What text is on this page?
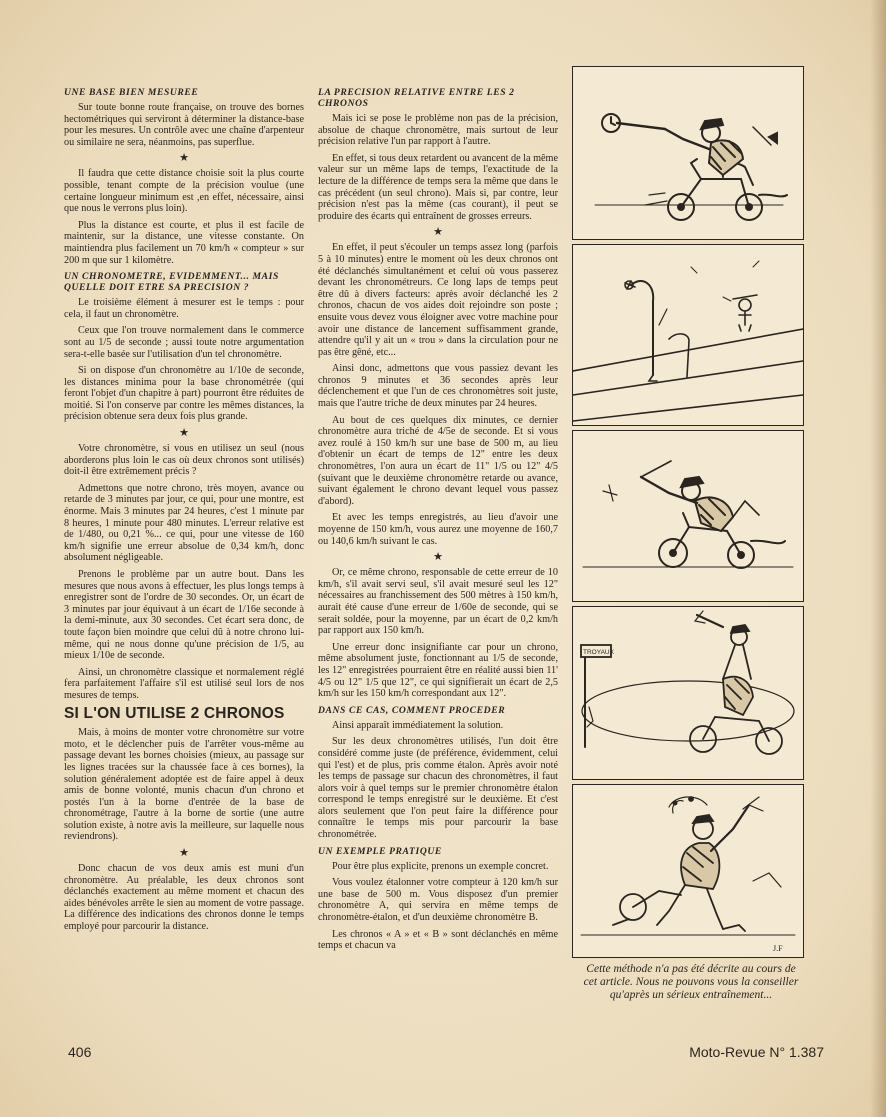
UNE BASE BIEN MESUREE

Sur toute bonne route française, on trouve des bornes hectométriques qui serviront à déterminer la distance-base pour les mesures. Un contrôle avec une chaîne d'arpenteur ou similaire ne sera, néanmoins, pas superflue.

★

Il faudra que cette distance choisie soit la plus courte possible, tenant compte de la précision voulue (une certaine longueur minimum est ,en effet, nécessaire, ainsi que nous le verrons plus loin).

Plus la distance est courte, et plus il est facile de maintenir, sur la distance, une vitesse constante. On maintiendra plus facilement un 70 km/h « compteur » sur 200 m que sur 1 kilomètre.

UN CHRONOMETRE, EVIDEMMENT... MAIS QUELLE DOIT ETRE SA PRECISION ?

Le troisième élément à mesurer est le temps : pour cela, il faut un chronomètre.

Ceux que l'on trouve normalement dans le commerce sont au 1/5 de seconde ; aussi toute notre argumentation sera-t-elle basée sur l'utilisation d'un tel chronomètre.

Si on dispose d'un chronomètre au 1/10e de seconde, les distances minima pour la base chronométrée (qui feront l'objet d'un chapitre à part) pourront être réduites de moitié. Si l'on conserve par contre les mêmes distances, la précision obtenue sera deux fois plus grande.

★

Votre chronomètre, si vous en utilisez un seul (nous aborderons plus loin le cas où deux chronos sont utilisés) doit-il être extrêmement précis ?

Admettons que notre chrono, très moyen, avance ou retarde de 3 minutes par jour, ce qui, pour une montre, est énorme. Mais 3 minutes par 24 heures, c'est 1 minute par 8 heures, 1 minute pour 480 minutes. L'erreur relative est de 1/480, ou 0,21 %... ce qui, pour une vitesse de 160 km/h signifie une erreur absolue de 0,34 km/h, donc absolument négligeable.

Prenons le problème par un autre bout. Dans les mesures que nous avons à effectuer, les plus longs temps à enregistrer sont de l'ordre de 30 secondes. Or, un écart de 3 minutes par jour équivaut à un écart de 1/16e seconde à la demi-minute, aux 30 secondes. Cet écart sera donc, de toute façon bien moindre que celui dû à notre chrono lui-même, qui ne nous donne qu'une précision de 1/5, au mieux 1/10e de seconde.

Ainsi, un chronomètre classique et normalement réglé fera parfaitement l'affaire s'il est utilisé seul lors de nos mesures de temps.

SI L'ON UTILISE 2 CHRONOS

Mais, à moins de monter votre chronomètre sur votre moto, et le déclencher puis de l'arrêter vous-même au passage devant les bornes choisies (mieux, au passage sur les lignes tracées sur la chaussée face à ces bornes), la solution généralement adoptée est de faire appel à deux amis de bonne volonté, munis chacun d'un chrono et postés l'un à la borne d'entrée de la base de chronométrage, l'autre à la borne de sortie (une autre solution existe, à notre avis la meilleure, sur laquelle nous reviendrons).

★

Donc chacun de vos deux amis est muni d'un chronomètre. Au préalable, les deux chronos sont déclanchés exactement au même moment et chacun des aides bénévoles arrête le sien au moment de votre passage. La différence des indications des chronos donne le temps employé pour parcourir la distance.

LA PRECISION RELATIVE ENTRE LES 2 CHRONOS

Mais ici se pose le problème non pas de la précision, absolue de chaque chronomètre, mais surtout de leur précision relative l'un par rapport à l'autre.

En effet, si tous deux retardent ou avancent de la même valeur sur un même laps de temps, l'exactitude de la lecture de la différence de temps sera la même que dans le cas précédent (un seul chrono). Mais si, par contre, leur précision n'est pas la même (cas courant), il peut se produire des écarts qui entraînent de grosses erreurs.

★

En effet, il peut s'écouler un temps assez long (parfois 5 à 10 minutes) entre le moment où les deux chronos ont été déclanchés simultanément et celui où vous passerez devant les chronométreurs. Ce long laps de temps peut être dû à divers facteurs: après avoir déclanché les 2 chronos, chacun de vos aides doit rejoindre son poste ; ensuite vous devez vous éloigner avec votre machine pour avoir une distance de lancement suffisamment grande, attendre qu'il y ait un « trou » dans la circulation pour ne pas être gêné, etc...

Ainsi donc, admettons que vous passiez devant les chronos 9 minutes et 36 secondes après leur déclenchement et que l'un de ces chronomètres soit juste, mais que l'autre triche de deux minutes par 24 heures.

Au bout de ces quelques dix minutes, ce dernier chronomètre aura triché de 4/5e de seconde. Et si vous avez roulé à 150 km/h sur une base de 500 m, au lieu d'obtenir un écart de temps de 12" entre les deux chronomètres, l'on aura un écart de 11" 1/5 ou 12" 4/5 (suivant que le deuxième chronomètre retarde ou avance, suivant également le chrono devant lequel vous passez d'abord).

Et avec les temps enregistrés, au lieu d'avoir une moyenne de 150 km/h, vous aurez une moyenne de 160,7 ou 140,6 km/h suivant le cas.

★

Or, ce même chrono, responsable de cette erreur de 10 km/h, s'il avait servi seul, s'il avait mesuré seul les 12" nécessaires au franchissement des 500 mètres à 150 km/h, aurait été cause d'une erreur de 1/60e de seconde, qui se serait soldée, pour la moyenne, par un écart de 0,2 km/h par rapport aux 150 km/h.

Une erreur donc insignifiante car pour un chrono, même absolument juste, fonctionnant au 1/5 de seconde, les 12" enregistrées pourraient être en réalité aussi bien 11' 4/5 ou 12" 1/5 que 12", ce qui signifierait un écart de 2,5 km/h sur les 150 km/h correspondant aux 12".

DANS CE CAS, COMMENT PROCEDER

Ainsi apparaît immédiatement la solution.

Sur les deux chronomètres utilisés, l'un doit être considéré comme juste (de préférence, évidemment, celui qui l'est) et de plus, pris comme étalon. Après avoir noté les temps de passage sur chacun des chronomètres, il faut alors voir à quel temps sur le premier chronomètre étalon correspond le temps enregistré sur le deuxième. Et c'est alors seulement que l'on peut faire la différence pour connaître le temps mis pour parcourir la base chronométrée.

UN EXEMPLE PRATIQUE

Pour être plus explicite, prenons un exemple concret.

Vous voulez étalonner votre compteur à 120 km/h sur une base de 500 m. Vous disposez d'un premier chronomètre A, qui servira en même temps de chronomètre-étalon, et d'un deuxième chronomètre B.

Les chronos « A » et « B » sont déclanchés en même temps et chacun va

TROYAUX
J.F
Cette méthode n'a pas été décrite au cours de cet article. Nous ne pouvons vous la conseiller qu'après un sérieux entraînement...
406	Moto-Revue N° 1.387
